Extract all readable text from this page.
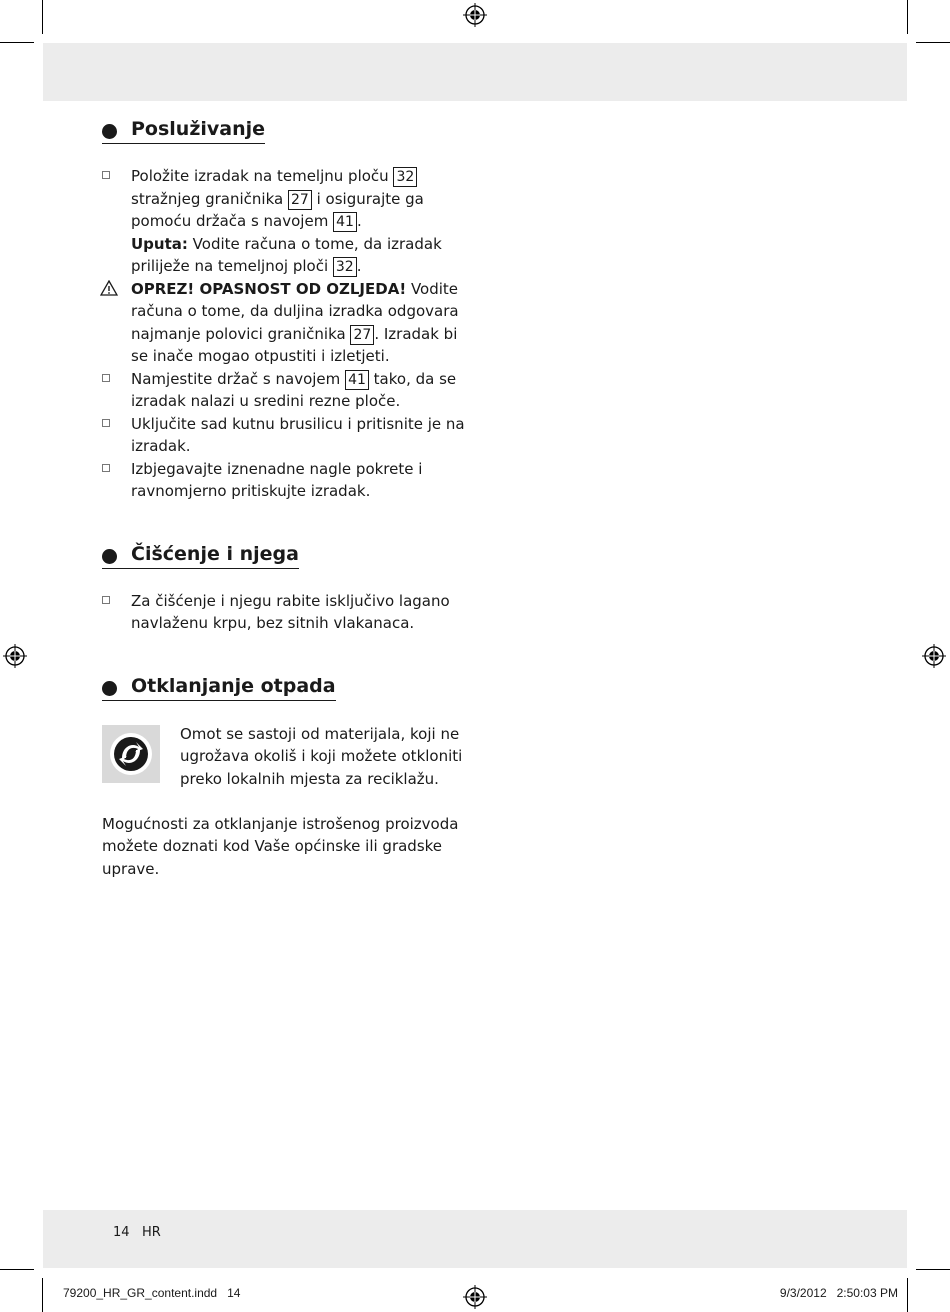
Posluživanje
Položite izradak na temeljnu ploču 32 stražnjeg graničnika 27 i osigurajte ga pomoću držača s navojem 41 .
Uputa: Vodite računa o tome, da izradak priliježe na temeljnoj ploči 32 .
OPREZ! OPASNOST OD OZLJEDA! Vodite računa o tome, da duljina izradka odgovara najmanje polovici graničnika 27 . Izradak bi se inače mogao otpustiti i izletjeti.
Namjestite držač s navojem 41 tako, da se izradak nalazi u sredini rezne ploče.
Uključite sad kutnu brusilicu i pritisnite je na izradak.
Izbjegavajte iznenadne nagle pokrete i ravnomjerno pritiskujte izradak.
Čišćenje i njega
Za čišćenje i njegu rabite isključivo lagano navlaženu krpu, bez sitnih vlakanaca.
Otklanjanje otpada
Omot se sastoji od materijala, koji ne ugrožava okoliš i koji možete otkloniti preko lokalnih mjesta za reciklažu.
Mogućnosti za otklanjanje istrošenog proizvoda možete doznati kod Vaše općinske ili gradske uprave.
14 HR
79200_HR_GR_content.indd   14	9/3/2012   2:50:03 PM
